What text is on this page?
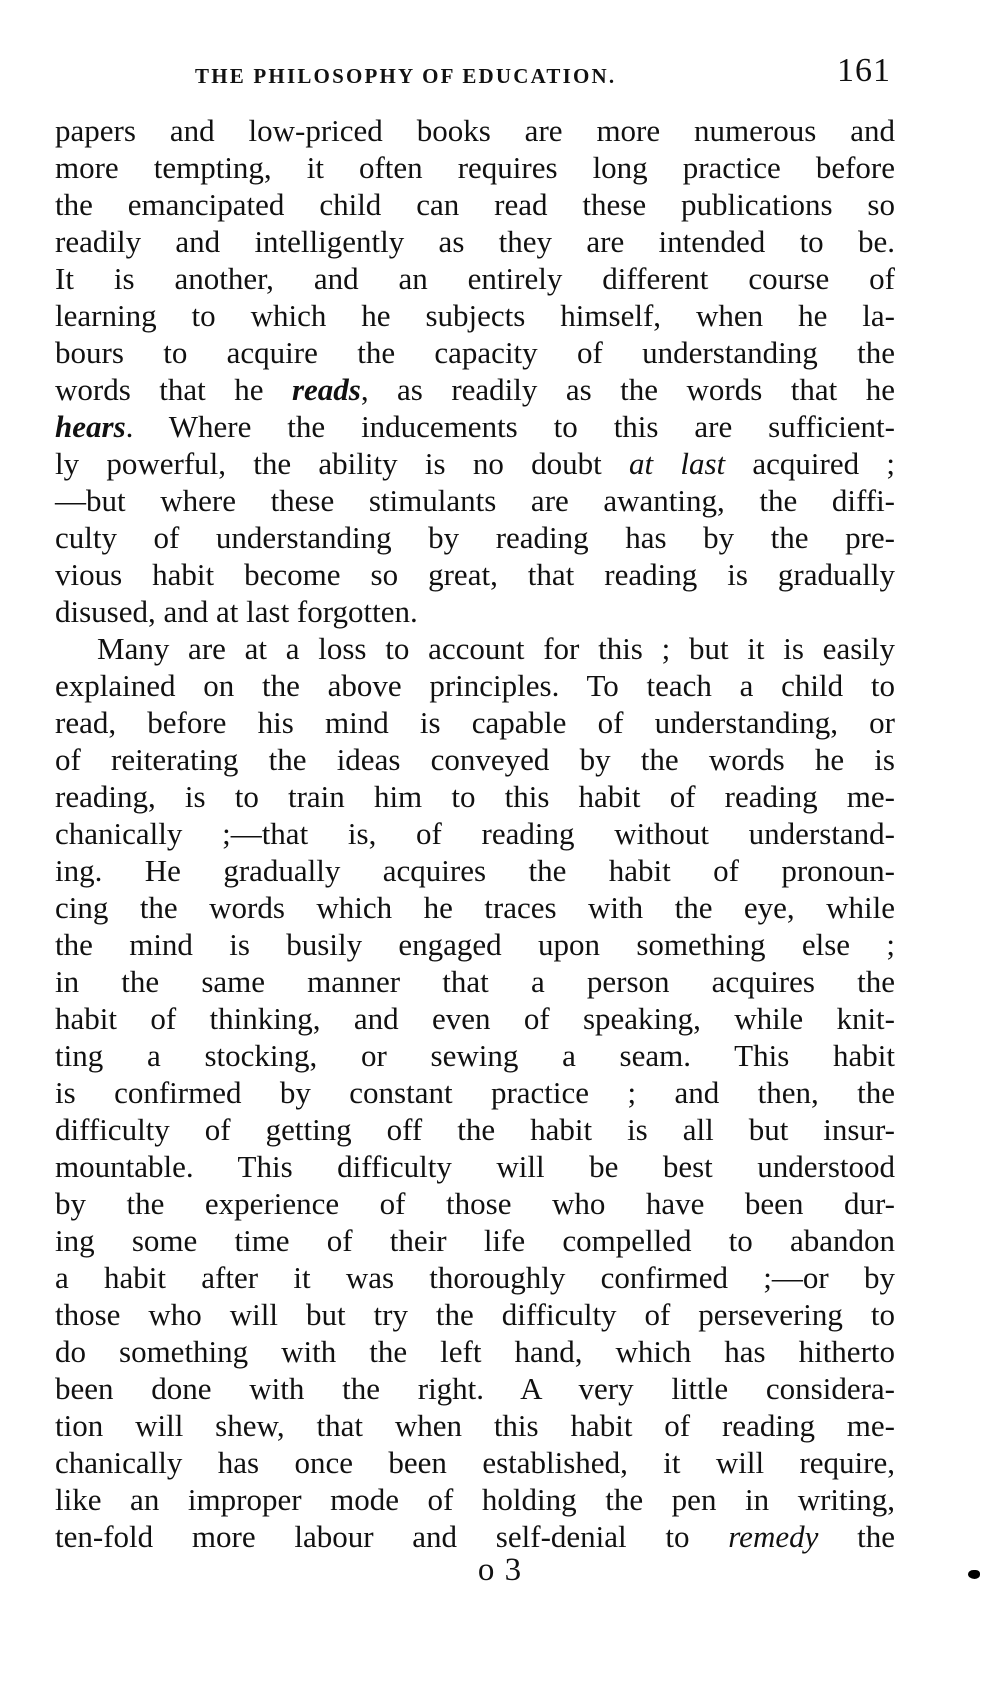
THE PHILOSOPHY OF EDUCATION.	161
papers and low-priced books are more numerous and
more tempting, it often requires long practice before
the emancipated child can read these publications so
readily and intelligently as they are intended to be.
It is another, and an entirely different course of
learning to which he subjects himself, when he la-
bours to acquire the capacity of understanding the
words that he reads, as readily as the words that he
hears. Where the inducements to this are sufficient-
ly powerful, the ability is no doubt at last acquired ;
—but where these stimulants are awanting, the diffi-
culty of understanding by reading has by the pre-
vious habit become so great, that reading is gradually
disused, and at last forgotten.
Many are at a loss to account for this ; but it is easily
explained on the above principles. To teach a child to
read, before his mind is capable of understanding, or
of reiterating the ideas conveyed by the words he is
reading, is to train him to this habit of reading me-
chanically ;—that is, of reading without understand-
ing. He gradually acquires the habit of pronoun-
cing the words which he traces with the eye, while
the mind is busily engaged upon something else ;
in the same manner that a person acquires the
habit of thinking, and even of speaking, while knit-
ting a stocking, or sewing a seam. This habit
is confirmed by constant practice ; and then, the
difficulty of getting off the habit is all but insur-
mountable. This difficulty will be best understood
by the experience of those who have been dur-
ing some time of their life compelled to abandon
a habit after it was thoroughly confirmed ;—or by
those who will but try the difficulty of persevering to
do something with the left hand, which has hitherto
been done with the right. A very little considera-
tion will shew, that when this habit of reading me-
chanically has once been established, it will require,
like an improper mode of holding the pen in writing,
ten-fold more labour and self-denial to remedy the
o 3
